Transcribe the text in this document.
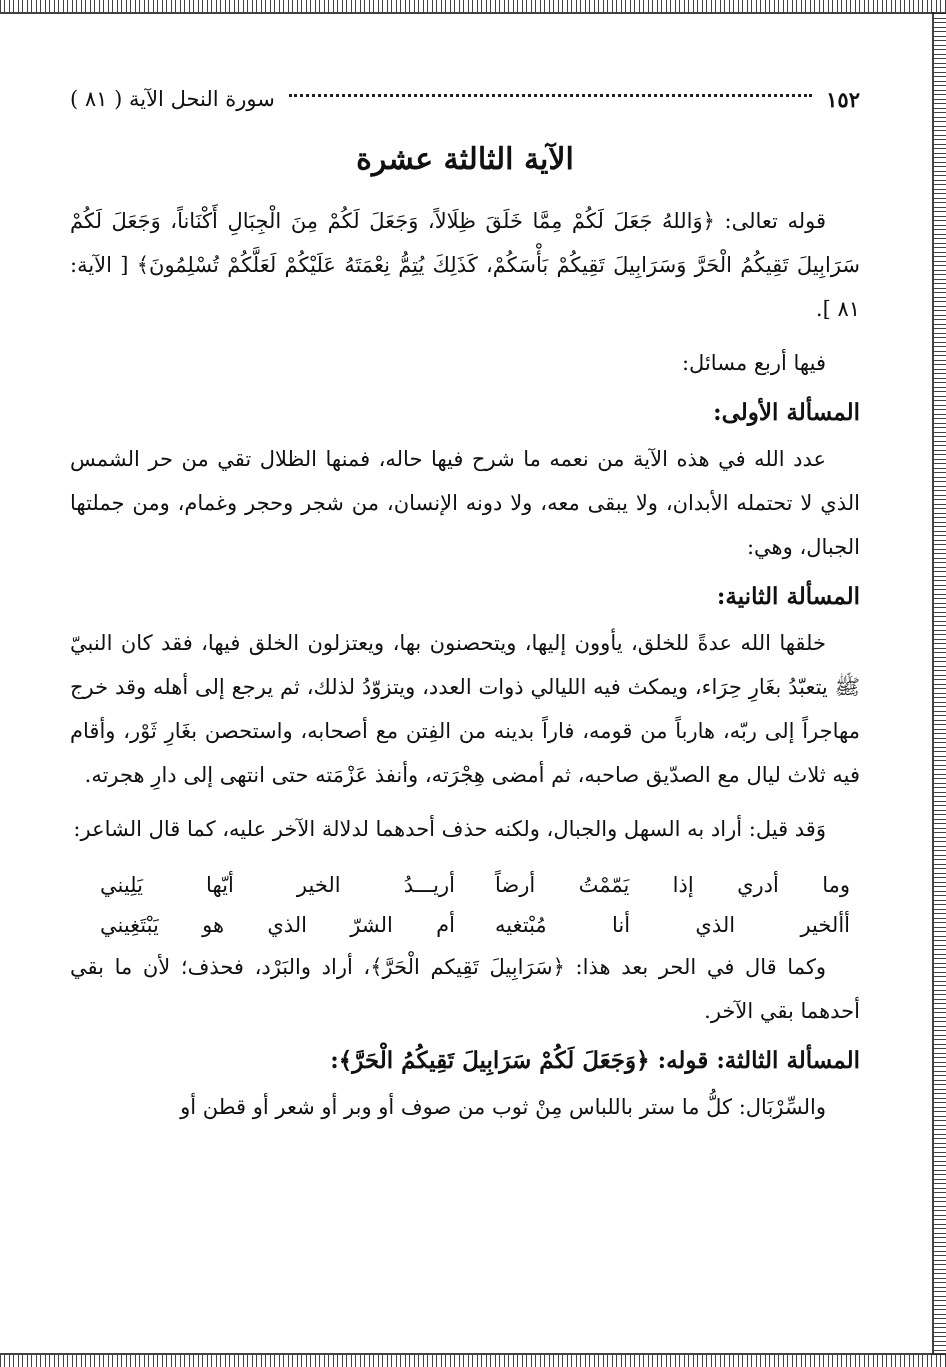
١٥٢
سورة النحل الآية ( ٨١ )
الآية الثالثة عشرة

قوله تعالى: ﴿وَاللهُ جَعَلَ لَكُمْ مِمَّا خَلَقَ ظِلَالاً، وَجَعَلَ لَكُمْ مِنَ الْجِبَالِ أَكْنَاناً، وَجَعَلَ لَكُمْ سَرَابِيلَ تَقِيكُمُ الْحَرَّ وَسَرَابِيلَ تَقِيكُمْ بَأْسَكُمْ، كَذَلِكَ يُتِمُّ نِعْمَتَهُ عَلَيْكُمْ لَعَلَّكُمْ تُسْلِمُونَ﴾ [ الآية: ٨١ ].

فيها أربع مسائل:

المسألة الأولى:

عدد الله في هذه الآية من نعمه ما شرح فيها حاله، فمنها الظلال تقي من حر الشمس الذي لا تحتمله الأبدان، ولا يبقى معه، ولا دونه الإنسان، من شجر وحجر وغمام، ومن جملتها الجبال، وهي:

المسألة الثانية:

خلقها الله عدةً للخلق، يأوون إليها، ويتحصنون بها، ويعتزلون الخلق فيها، فقد كان النبيّ ﷺ يتعبّدُ بغَارِ حِرَاء، ويمكث فيه الليالي ذوات العدد، ويتزوّدُ لذلك، ثم يرجع إلى أهله وقد خرج مهاجراً إلى ربّه، هارباً من قومه، فاراً بدينه من الفِتن مع أصحابه، واستحصن بغَارِ ثَوْر، وأقام فيه ثلاث ليال مع الصدّيق صاحبه، ثم أمضى هِجْرَته، وأنفذ عَزْمَته حتى انتهى إلى دارِ هجرته.

وَقد قيل: أراد به السهل والجبال، ولكنه حذف أحدهما لدلالة الآخر عليه، كما قال الشاعر:

وما أدري إذا يَمّمْتُ أرضاً
أريـــدُ الخير أيّها يَلِيني
أألخير الذي أنا مُبْتغيه
أم الشرّ الذي هو يَبْتَغِيني

وكما قال في الحر بعد هذا: ﴿سَرَابِيلَ تَقِيكم الْحَرَّ﴾، أراد والبَرْد، فحذف؛ لأن ما بقي أحدهما بقي الآخر.

المسألة الثالثة: قوله: ﴿وَجَعَلَ لَكُمْ سَرَابِيلَ تَقِيكُمُ الْحَرَّ﴾:

والسِّرْبَال: كلُّ ما ستر باللباس مِنْ ثوب من صوف أو وبر أو شعر أو قطن أو
